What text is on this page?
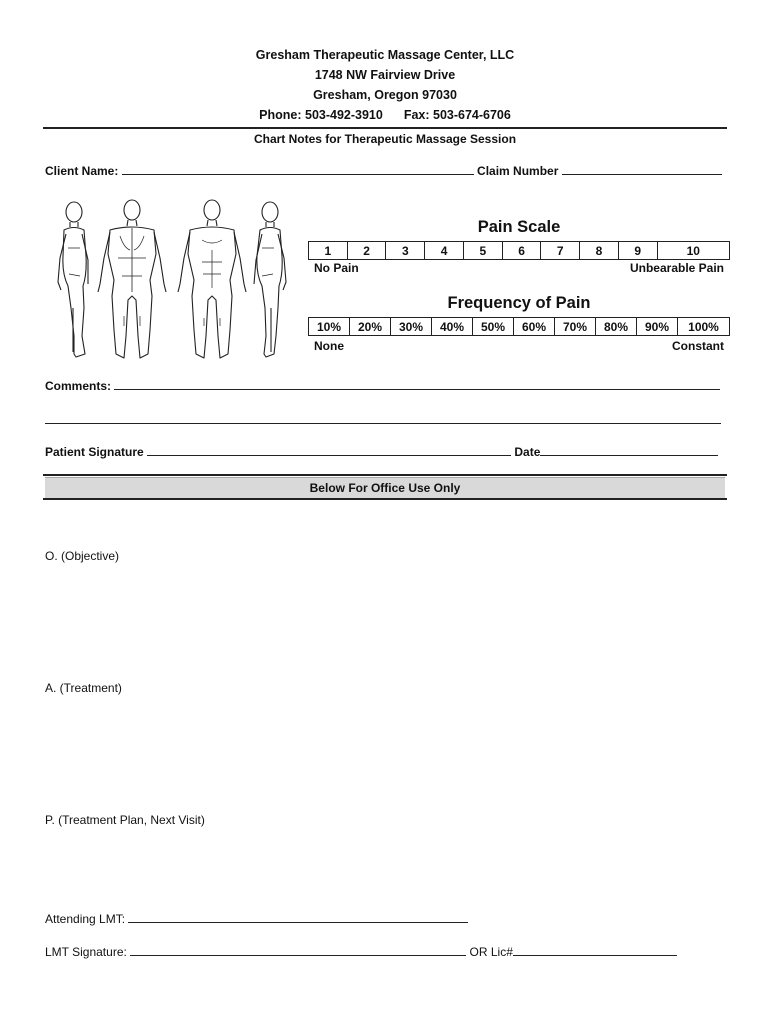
Gresham Therapeutic Massage Center, LLC
1748 NW Fairview Drive
Gresham, Oregon 97030
Phone: 503-492-3910 Fax: 503-674-6706
Chart Notes for Therapeutic Massage Session
Client Name:	Claim Number
Pain Scale
1	2	3	4	5	6	7	8	9	10
No Pain	Unbearable Pain
Frequency of Pain
10%	20%	30%	40%	50%	60%	70%	80%	90%	100%
None	Constant
Comments:
Patient Signature	Date
Below For Office Use Only
O. (Objective)
A. (Treatment)
P. (Treatment Plan, Next Visit)
Attending LMT:
LMT Signature:	OR Lic#
